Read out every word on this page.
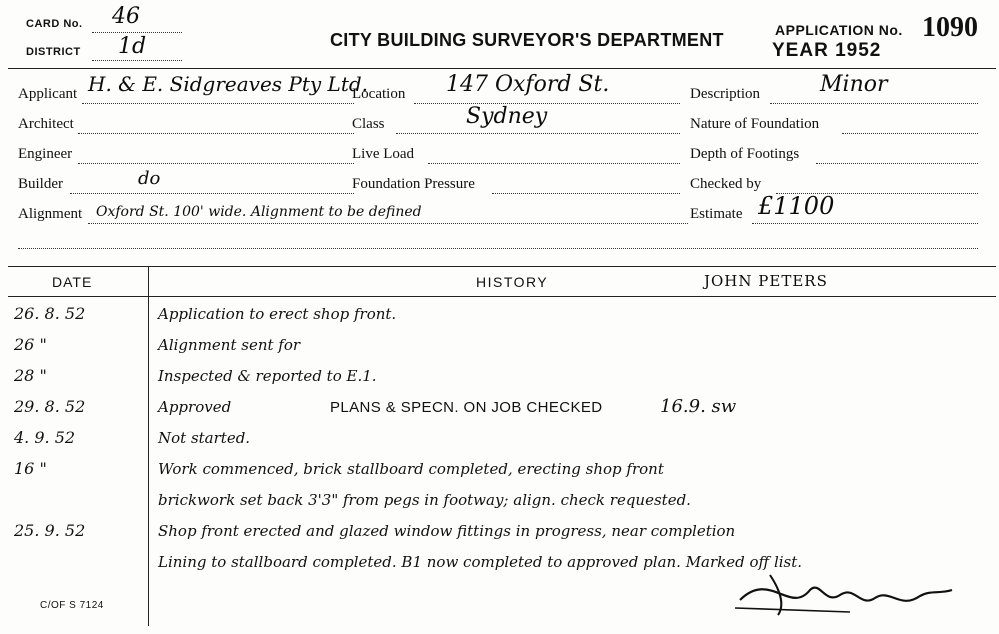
CARD No. 46
DISTRICT 1d	CITY BUILDING SURVEYOR'S DEPARTMENT	APPLICATION No. 1090
YEAR 1952
Applicant H. & E. Sidgreaves Pty Ltd.
Architect
Engineer
Builder	do
Alignment Oxford St. 100' wide. Alignment to be defined
Location 147 Oxford St.
Class	Sydney
Live Load
Foundation Pressure
Description	Minor
Nature of Foundation
Depth of Footings
Checked by
Estimate £1100
DATE	HISTORY	JOHN PETERS
26. 8. 52	Application to erect shop front.
26 "	Alignment sent for
28 "	Inspected & reported to E.1.
29. 8. 52	Approved	PLANS & SPECN. ON JOB CHECKED	16.9. sw
4. 9. 52	Not started.
16 "	Work commenced, brick stallboard completed, erecting shop front
brickwork set back 3'3" from pegs in footway; align. check requested.
25. 9. 52	Shop front erected and glazed window fittings in progress, near completion
Lining to stallboard completed. B1 now completed to approved plan. Marked off list.
C/OF S 7124
